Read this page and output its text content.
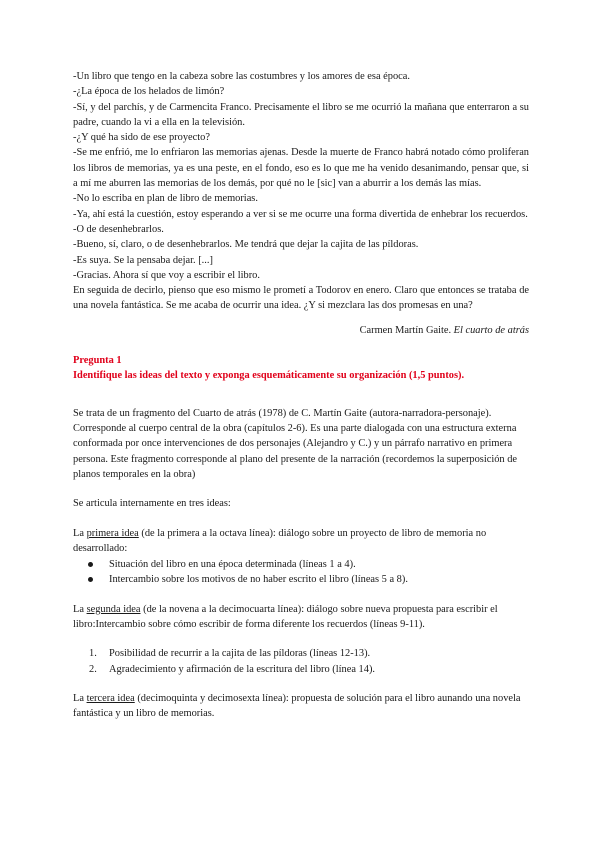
-Un libro que tengo en la cabeza sobre las costumbres y los amores de esa época.

-¿La época de los helados de limón?

-Sí, y del parchís, y de Carmencita Franco. Precisamente el libro se me ocurrió la mañana que enterraron a su padre, cuando la vi a ella en la televisión.

-¿Y qué ha sido de ese proyecto?

-Se me enfrió, me lo enfriaron las memorias ajenas. Desde la muerte de Franco habrá notado cómo proliferan los libros de memorias, ya es una peste, en el fondo, eso es lo que me ha venido desanimando, pensar que, si a mí me aburren las memorias de los demás, por qué no le [sic] van a aburrir a los demás las mías.

-No lo escriba en plan de libro de memorias.

-Ya, ahí está la cuestión, estoy esperando a ver si se me ocurre una forma divertida de enhebrar los recuerdos.

-O de desenhebrarlos.

-Bueno, sí, claro, o de desenhebrarlos. Me tendrá que dejar la cajita de las píldoras.

-Es suya. Se la pensaba dejar. [...]

-Gracias. Ahora sí que voy a escribir el libro.

En seguida de decirlo, pienso que eso mismo le prometí a Todorov en enero. Claro que entonces se trataba de una novela fantástica. Se me acaba de ocurrir una idea. ¿Y si mezclara las dos promesas en una?

Carmen Martín Gaite. El cuarto de atrás
Pregunta 1
Identifique las ideas del texto y exponga esquemáticamente su organización (1,5 puntos).

Se trata de un fragmento del Cuarto de atrás (1978) de C. Martín Gaite (autora-narradora-personaje). Corresponde al cuerpo central de la obra (capítulos 2-6). Es una parte dialogada con una estructura externa conformada por once intervenciones de dos personajes (Alejandro y C.) y un párrafo narrativo en primera persona. Este fragmento corresponde al plano del presente de la narración (recordemos la superposición de planos temporales en la obra)

Se articula internamente en tres ideas:

La primera idea (de la primera a la octava línea): diálogo sobre un proyecto de libro de memoria no desarrollado:

Situación del libro en una época determinada (líneas 1 a 4).
Intercambio sobre los motivos de no haber escrito el libro (líneas 5 a 8).

La segunda idea (de la novena a la decimocuarta línea): diálogo sobre nueva propuesta para escribir el libro:Intercambio sobre cómo escribir de forma diferente los recuerdos (líneas 9-11).

1. Posibilidad de recurrir a la cajita de las píldoras (líneas 12-13).
2. Agradecimiento y afirmación de la escritura del libro (línea 14).

La tercera idea (decimoquinta y decimosexta línea): propuesta de solución para el libro aunando una novela fantástica y un libro de memorias.
